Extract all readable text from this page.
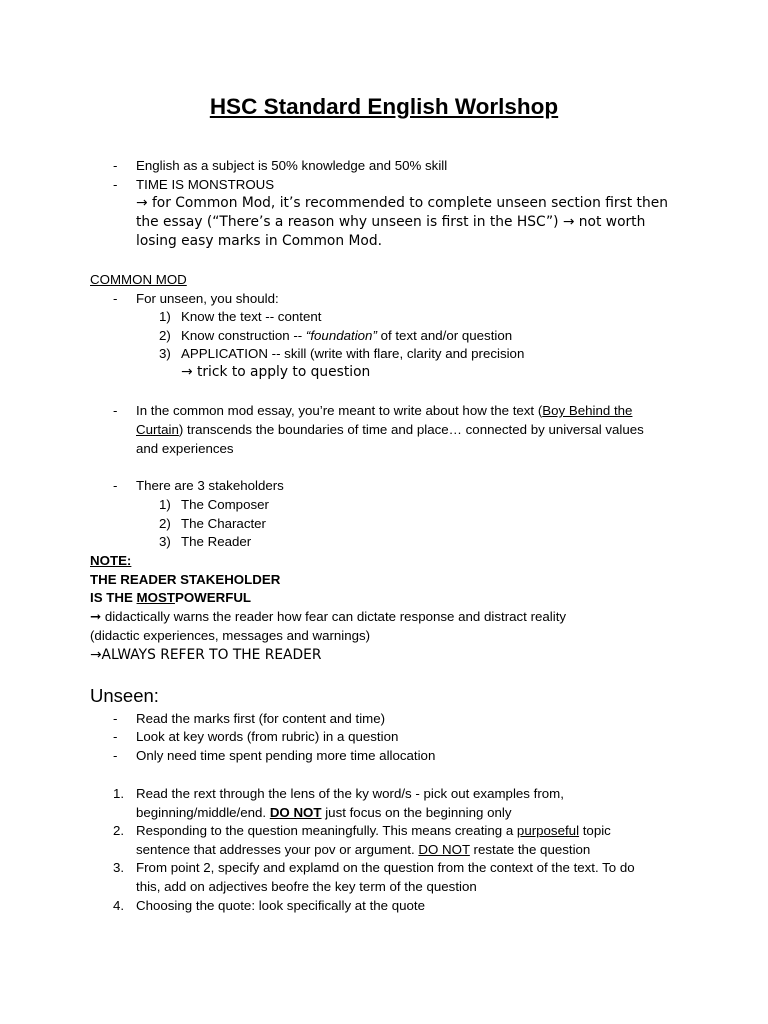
HSC Standard English Worlshop
- English as a subject is 50% knowledge and 50% skill
- TIME IS MONSTROUS
→ for Common Mod, it’s recommended to complete unseen section first then
the essay (“There’s a reason why unseen is first in the HSC”) → not worth
losing easy marks in Common Mod.
COMMON MOD
- For unseen, you should:
1) Know the text -- content
2) Know construction -- “foundation” of text and/or question
3) APPLICATION -- skill (write with flare, clarity and precision
→ trick to apply to question
- In the common mod essay, you’re meant to write about how the text (Boy Behind the
Curtain) transcends the boundaries of time and place… connected by universal values
and experiences
- There are 3 stakeholders
1) The Composer
2) The Character
3) The Reader
NOTE:
THE READER STAKEHOLDER
IS THE MOSTPOWERFUL
➞ didactically warns the reader how fear can dictate response and distract reality
(didactic experiences, messages and warnings)
→ALWAYS REFER TO THE READER
Unseen:
- Read the marks first (for content and time)
- Look at key words (from rubric) in a question
- Only need time spent pending more time allocation
1. Read the rext through the lens of the ky word/s - pick out examples from,
beginning/middle/end. DO NOT just focus on the beginning only
2. Responding to the question meaningfully. This means creating a purposeful topic
sentence that addresses your pov or argument. DO NOT restate the question
3. From point 2, specify and explamd on the question from the context of the text. To do
this, add on adjectives beofre the key term of the question
4. Choosing the quote: look specifically at the quote
